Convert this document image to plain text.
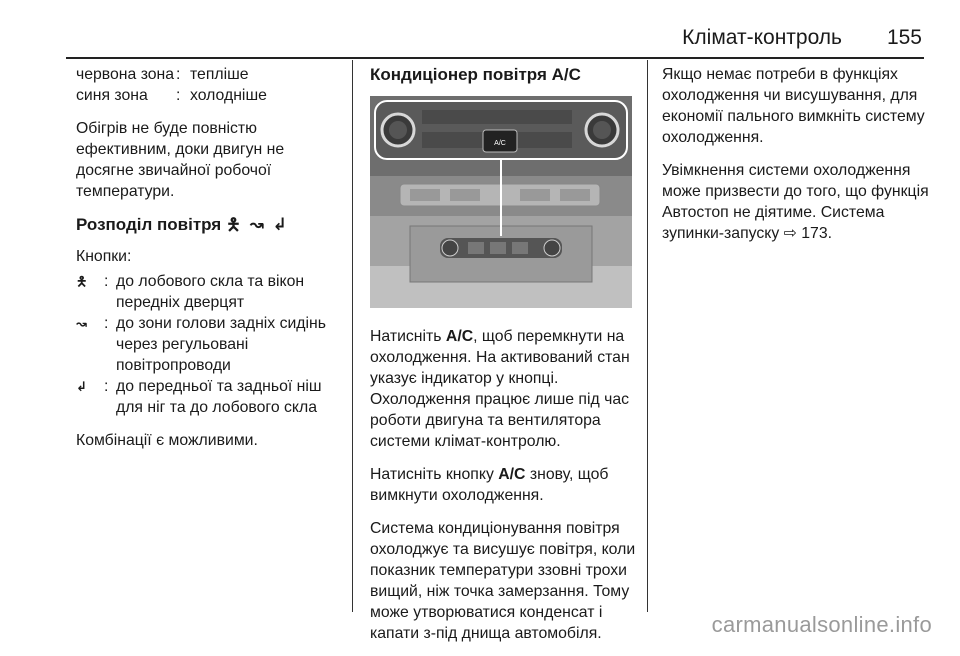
Клімат-контроль 155
червона зона : тепліше
синя зона	: холодніше

Обігрів не буде повністю ефективним, доки двигун не досягне звичайної робочої температури.

Розподіл повітря 🯅 ↝ ↲

Кнопки:

🯅	: до лобового скла та вікон передніх дверцят
↝	: до зони голови задніх сидінь через регульовані повітропроводи
↲	: до передньої та задньої ніш для ніг та до лобового скла

Комбінації є можливими.

Кондиціонер повітря A/C
A/C

Натисніть A/C, щоб перемкнути на охолодження. На активований стан указує індикатор у кнопці.

Охолодження працює лише під час роботи двигуна та вентилятора системи клімат-контролю.

Натисніть кнопку A/C знову, щоб вимкнути охолодження.

Система кондиціонування повітря охолоджує та висушує повітря, коли показник температури ззовні трохи вищий, ніж точка замерзання. Тому може утворюватися конденсат і капати з-під днища автомобіля.

Якщо немає потреби в функціях охолодження чи висушування, для економії пального вимкніть систему охолодження.

Увімкнення системи охолодження може призвести до того, що функція Автостоп не діятиме. Система зупинки-запуску ⇨ 173.

carmanualsonline.info
